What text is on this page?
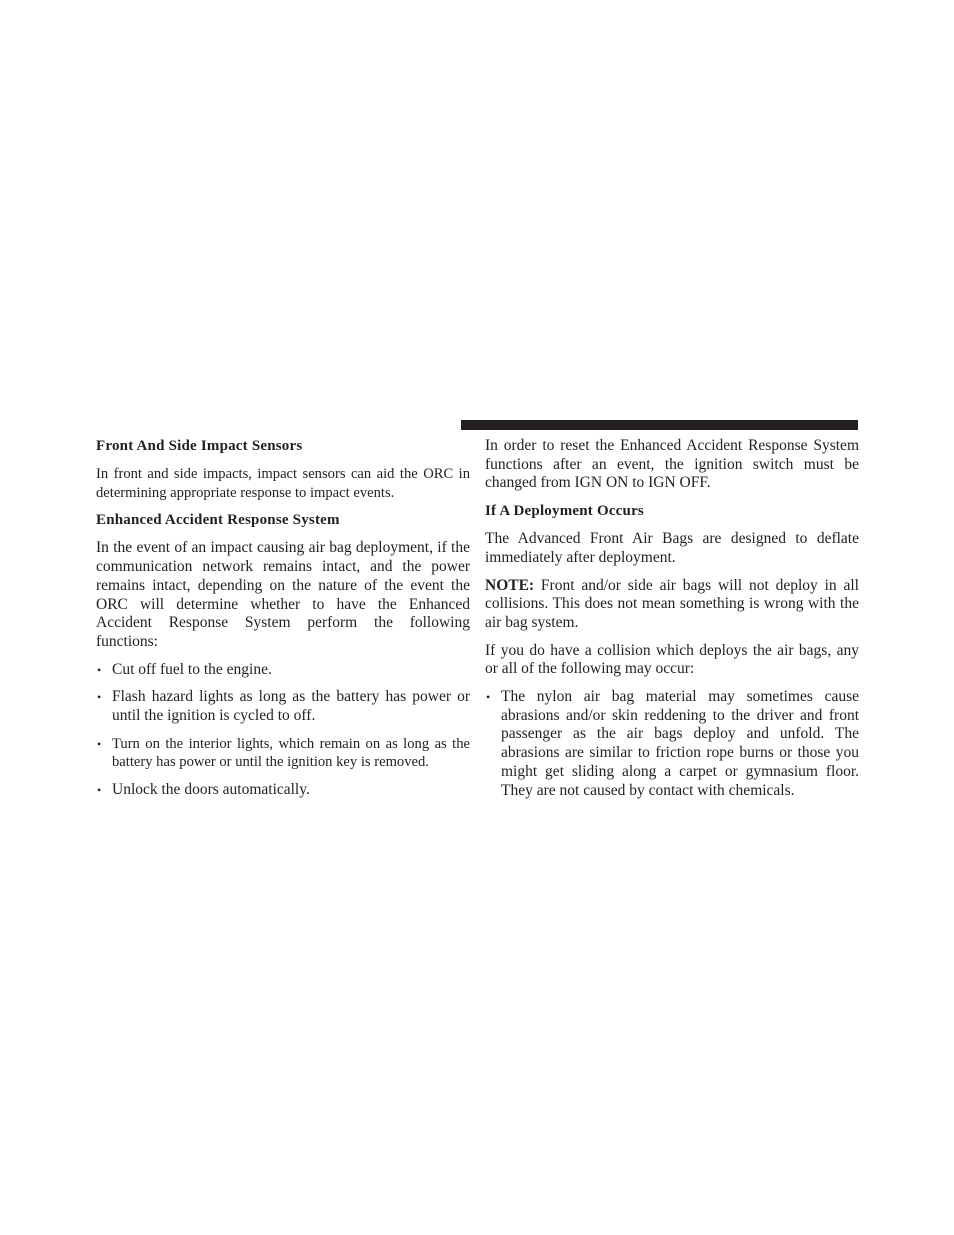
Front And Side Impact Sensors

In front and side impacts, impact sensors can aid the ORC in determining appropriate response to impact events.

Enhanced Accident Response System

In the event of an impact causing air bag deployment, if the communication network remains intact, and the power remains intact, depending on the nature of the event the ORC will determine whether to have the Enhanced Accident Response System perform the following functions:

• Cut off fuel to the engine.
• Flash hazard lights as long as the battery has power or until the ignition is cycled to off.
• Turn on the interior lights, which remain on as long as the battery has power or until the ignition key is removed.
• Unlock the doors automatically.

In order to reset the Enhanced Accident Response System functions after an event, the ignition switch must be changed from IGN ON to IGN OFF.

If A Deployment Occurs

The Advanced Front Air Bags are designed to deflate immediately after deployment.

NOTE: Front and/or side air bags will not deploy in all collisions. This does not mean something is wrong with the air bag system.

If you do have a collision which deploys the air bags, any or all of the following may occur:

• The nylon air bag material may sometimes cause abrasions and/or skin reddening to the driver and front passenger as the air bags deploy and unfold. The abrasions are similar to friction rope burns or those you might get sliding along a carpet or gymnasium floor. They are not caused by contact with chemicals.
